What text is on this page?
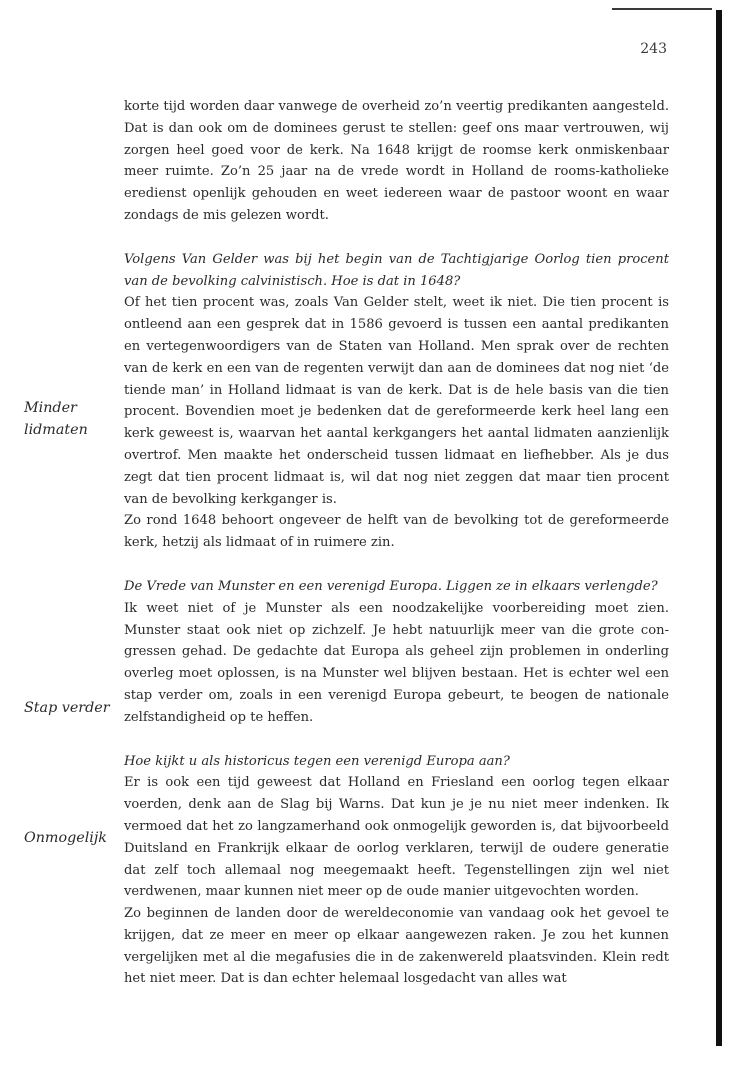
243

korte tijd worden daar vanwege de overheid zo’n veertig predikanten aangesteld. Dat is dan ook om de dominees gerust te stellen: geef ons maar vertrouwen, wij zorgen heel goed voor de kerk. Na 1648 krijgt de roomse kerk onmiskenbaar meer ruimte. Zo’n 25 jaar na de vrede wordt in Holland de rooms-katholieke eredienst openlijk gehouden en weet iedereen waar de pastoor woont en waar zondags de mis gelezen wordt.

Volgens Van Gelder was bij het begin van de Tachtigjarige Oorlog tien procent van de bevolking calvinistisch. Hoe is dat in 1648?

Of het tien procent was, zoals Van Gelder stelt, weet ik niet. Die tien procent is ontleend aan een gesprek dat in 1586 gevoerd is tussen een aantal predikanten en vertegenwoordigers van de Staten van Holland. Men sprak over de rechten van de kerk en een van de regenten verwijt dan aan de dominees dat nog niet ‘de tiende man’ in Holland lidmaat is van de kerk. Dat is de hele basis van die tien procent. Bovendien moet je bedenken dat de gereformeerde kerk heel lang een kerk geweest is, waarvan het aantal kerkgangers het aantal lidmaten aanzienlijk overtrof. Men maakte het onderscheid tussen lidmaat en liefhebber. Als je dus zegt dat tien procent lidmaat is, wil dat nog niet zeggen dat maar tien procent van de bevolking kerkganger is.

Zo rond 1648 behoort ongeveer de helft van de bevolking tot de gereformeerde kerk, hetzij als lidmaat of in ruimere zin.

De Vrede van Munster en een verenigd Europa. Liggen ze in elkaars verlengde?

Ik weet niet of je Munster als een noodzakelijke voorbereiding moet zien. Munster staat ook niet op zichzelf. Je hebt natuurlijk meer van die grote congressen gehad. De gedachte dat Europa als geheel zijn problemen in onderling overleg moet oplossen, is na Munster wel blijven bestaan. Het is echter wel een stap verder om, zoals in een verenigd Europa gebeurt, te beogen de nationale zelfstandigheid op te heffen.

Hoe kijkt u als historicus tegen een verenigd Europa aan?

Er is ook een tijd geweest dat Holland en Friesland een oorlog tegen elkaar voerden, denk aan de Slag bij Warns. Dat kun je je nu niet meer indenken. Ik vermoed dat het zo langzamerhand ook onmogelijk geworden is, dat bijvoorbeeld Duitsland en Frankrijk elkaar de oorlog verklaren, terwijl de oudere generatie dat zelf toch allemaal nog meegemaakt heeft. Tegenstellingen zijn wel niet verdwenen, maar kunnen niet meer op de oude manier uitgevochten worden.

Zo beginnen de landen door de wereldeconomie van vandaag ook het gevoel te krijgen, dat ze meer en meer op elkaar aangewezen raken. Je zou het kunnen vergelijken met al die megafusies die in de zakenwereld plaatsvinden. Klein redt het niet meer. Dat is dan echter helemaal losgedacht van alles wat

Minder
lidmaten
Stap verder
Onmogelijk
